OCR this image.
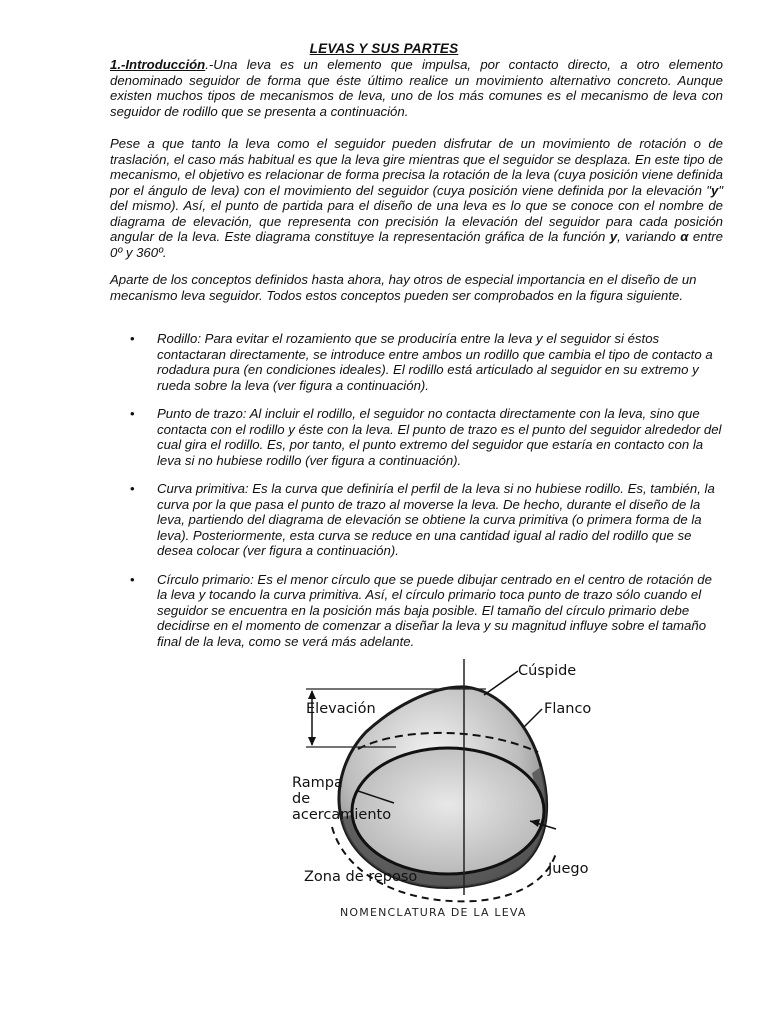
LEVAS Y SUS PARTES

1.-Introducción.-Una leva es un elemento que impulsa, por contacto directo, a otro elemento denominado seguidor de forma que éste último realice un movimiento alternativo concreto. Aunque existen muchos tipos de mecanismos de leva, uno de los más comunes es el mecanismo de leva con seguidor de rodillo que se presenta a continuación.

Pese a que tanto la leva como el seguidor pueden disfrutar de un movimiento de rotación o de traslación, el caso más habitual es que la leva gire mientras que el seguidor se desplaza. En este tipo de mecanismo, el objetivo es relacionar de forma precisa la rotación de la leva (cuya posición viene definida por el ángulo de leva) con el movimiento del seguidor (cuya posición viene definida por la elevación "y" del mismo). Así, el punto de partida para el diseño de una leva es lo que se conoce con el nombre de diagrama de elevación, que representa con precisión la elevación del seguidor para cada posición angular de la leva. Este diagrama constituye la representación gráfica de la función y, variando α entre 0º y 360º.

Aparte de los conceptos definidos hasta ahora, hay otros de especial importancia en el diseño de un mecanismo leva seguidor. Todos estos conceptos pueden ser comprobados en la figura siguiente.

• Rodillo: Para evitar el rozamiento que se produciría entre la leva y el seguidor si éstos contactaran directamente, se introduce entre ambos un rodillo que cambia el tipo de contacto a rodadura pura (en condiciones ideales). El rodillo está articulado al seguidor en su extremo y rueda sobre la leva (ver figura a continuación).
• Punto de trazo: Al incluir el rodillo, el seguidor no contacta directamente con la leva, sino que contacta con el rodillo y éste con la leva. El punto de trazo es el punto del seguidor alrededor del cual gira el rodillo. Es, por tanto, el punto extremo del seguidor que estaría en contacto con la leva si no hubiese rodillo (ver figura a continuación).
• Curva primitiva: Es la curva que definiría el perfil de la leva si no hubiese rodillo. Es, también, la curva por la que pasa el punto de trazo al moverse la leva. De hecho, durante el diseño de la leva, partiendo del diagrama de elevación se obtiene la curva primitiva (o primera forma de la leva). Posteriormente, esta curva se reduce en una cantidad igual al radio del rodillo que se desea colocar (ver figura a continuación).
• Círculo primario: Es el menor círculo que se puede dibujar centrado en el centro de rotación de la leva y tocando la curva primitiva. Así, el círculo primario toca punto de trazo sólo cuando el seguidor se encuentra en la posición más baja posible. El tamaño del círculo primario debe decidirse en el momento de comenzar a diseñar la leva y su magnitud influye sobre el tamaño final de la leva, como se verá más adelante.
Cúspide
Elevación	Flanco
Rampa
de
acercamiento
Zona de reposo	Juego
NOMENCLATURA DE LA LEVA
